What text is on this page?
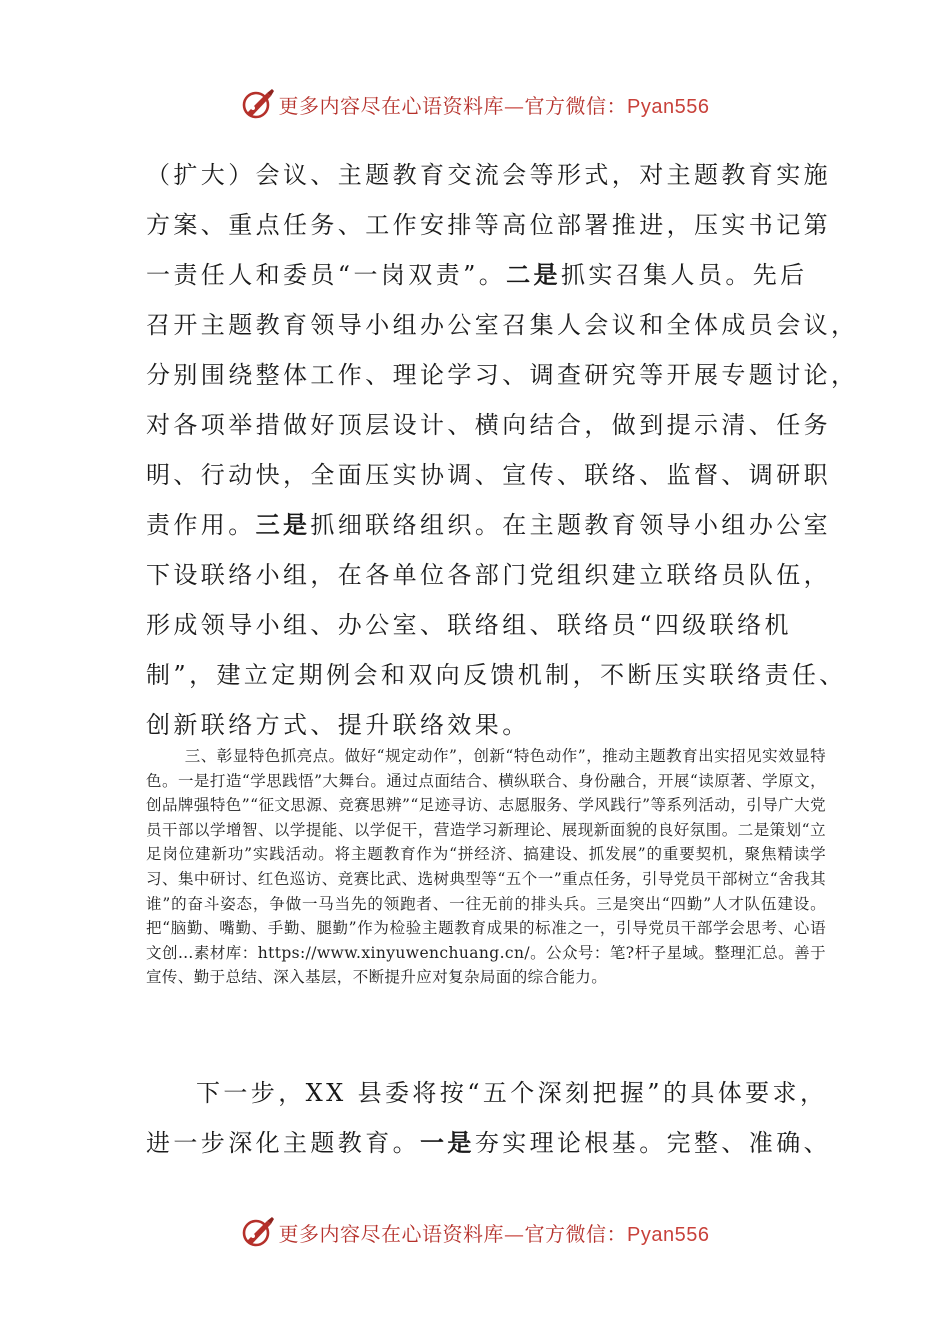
更多内容尽在心语资料库—官方微信：Pyan556
（扩大）会议、主题教育交流会等形式，对主题教育实施
方案、重点任务、工作安排等高位部署推进，压实书记第
一责任人和委员“一岗双责”。二是抓实召集人员。先后
召开主题教育领导小组办公室召集人会议和全体成员会议，
分别围绕整体工作、理论学习、调查研究等开展专题讨论，
对各项举措做好顶层设计、横向结合，做到提示清、任务
明、行动快，全面压实协调、宣传、联络、监督、调研职
责作用。三是抓细联络组织。在主题教育领导小组办公室
下设联络小组，在各单位各部门党组织建立联络员队伍，
形成领导小组、办公室、联络组、联络员“四级联络机
制”，建立定期例会和双向反馈机制，不断压实联络责任、
创新联络方式、提升联络效果。
三、彰显特色抓亮点。做好“规定动作”，创新“特色动作”，推动主题教育出实招见实效显特色。一是打造“学思践悟”大舞台。通过点面结合、横纵联合、身份融合，开展“读原著、学原文，创品牌强特色”“征文思源、竞赛思辨”“足迹寻访、志愿服务、学风践行”等系列活动，引导广大党员干部以学增智、以学提能、以学促干，营造学习新理论、展现新面貌的良好氛围。二是策划“立足岗位建新功”实践活动。将主题教育作为“拼经济、搞建设、抓发展”的重要契机，聚焦精读学习、集中研讨、红色巡访、竞赛比武、选树典型等“五个一”重点任务，引导党员干部树立“舍我其谁”的奋斗姿态，争做一马当先的领跑者、一往无前的排头兵。三是突出“四勤”人才队伍建设。把“脑勤、嘴勤、手勤、腿勤”作为检验主题教育成果的标准之一，引导党员干部学会思考、心语文创…素材库：https://www.xinyuwenchuang.cn/。公众号：笔?杆子星域。整理汇总。善于宣传、勤于总结、深入基层，不断提升应对复杂局面的综合能力。
下一步，XX 县委将按“五个深刻把握”的具体要求，
进一步深化主题教育。一是夯实理论根基。完整、准确、
更多内容尽在心语资料库—官方微信：Pyan556
